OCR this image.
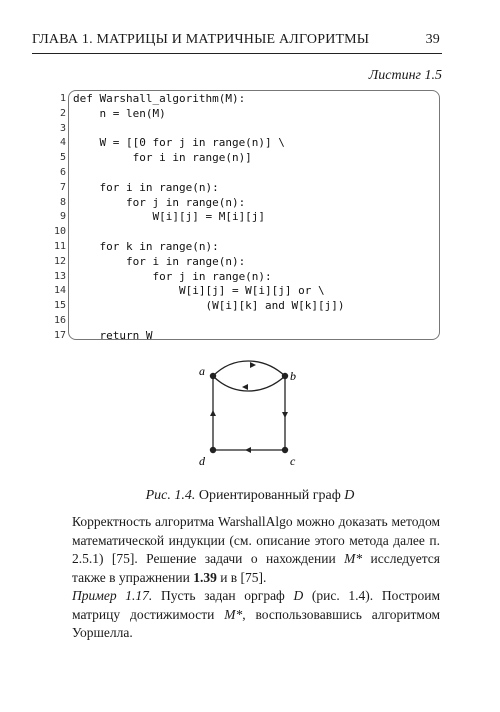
ГЛАВА 1. МАТРИЦЫ И МАТРИЧНЫЕ АЛГОРИТМЫ	39
Листинг 1.5
1
2
3
4
5
6
7
8
9
10
11
12
13
14
15
16
17
def Warshall_algorithm(M):
n = len(M)
W = [[0 for j in range(n)] \
for i in range(n)]
for i in range(n):
for j in range(n):
W[i][j] = M[i][j]
for k in range(n):
for i in range(n):
for j in range(n):
W[i][j] = W[i][j] or \
(W[i][k] and W[k][j])
return W
a	b
c
d
Рис. 1.4. Ориентированный граф D
Корректность алгоритма WarshallAlgo можно доказать методом математической индукции (см. описание этого метода далее п. 2.5.1) [75]. Решение задачи о нахождении M* исследуется также в упражнении 1.39 и в [75].
Пример 1.17. Пусть задан орграф D (рис. 1.4). Построим матрицу достижимости M*, воспользовавшись алгоритмом Уоршелла.
